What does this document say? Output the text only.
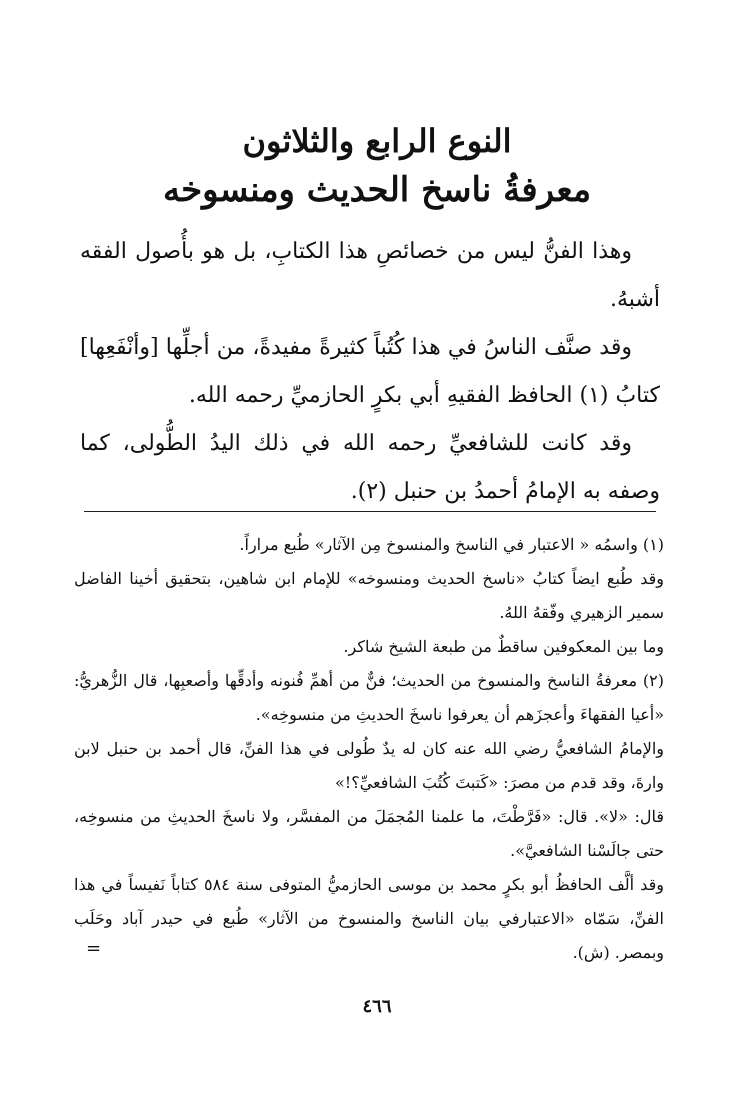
النوع الرابع والثلاثون
معرفةُ ناسخ الحديث ومنسوخه

وهذا الفنُّ ليس من خصائصِ هذا الكتابِ، بل هو بأُصول الفقه أشبهُ.

وقد صنَّف الناسُ في هذا كُتُباً كثيرةً مفيدةً، من أجلِّها [وأنْفَعِها] كتابُ (١) الحافظ الفقيهِ أبي بكرٍ الحازميِّ رحمه الله.

وقد كانت للشافعيِّ رحمه الله في ذلك اليدُ الطُّولى، كما وصفه به الإمامُ أحمدُ بن حنبل (٢).

(١) واسمُه « الاعتبار في الناسخ والمنسوخ مِن الآثار» طُبع مراراً.

وقد طُبع ايضاً كتابُ «ناسخ الحديث ومنسوخه» للإمام ابن شاهين، بتحقيق أخينا الفاضل سمير الزهيري وفّقهُ اللهُ.

وما بين المعكوفين ساقطٌ من طبعة الشيخ شاكر.

(٢) معرفةُ الناسخ والمنسوخ من الحديث؛ فنٌّ من أهمِّ فُنونه وأدقِّها وأصعبِها، قال الزُّهريُّ: «أعيا الفقهاءَ وأعجزَهم أن يعرفوا ناسخَ الحديثِ من منسوخِه».

والإمامُ الشافعيُّ رضي الله عنه كان له يدٌ طُولى في هذا الفنِّ، قال أحمد بن حنبل لابن وارةَ، وقد قدم من مصرَ: «كَتبتَ كُتُبَ الشافعيِّ؟!»

قال: «لا». قال: «فَرَّطْتَ، ما علمنا المُجمَلَ من المفسَّر، ولا ناسخَ الحديثِ من منسوخِه، حتى جالَسْنا الشافعيَّ».

وقد ألَّف الحافظُ أبو بكرٍ محمد بن موسى الحازميُّ المتوفى سنة ٥٨٤ كتاباً نَفيساً في هذا الفنِّ، سَمّاه «الاعتبارفي بيان الناسخ والمنسوخ من الآثار» طُبع في حيدر آباد وحَلَب وبمصر. (ش).

=
٤٦٦
